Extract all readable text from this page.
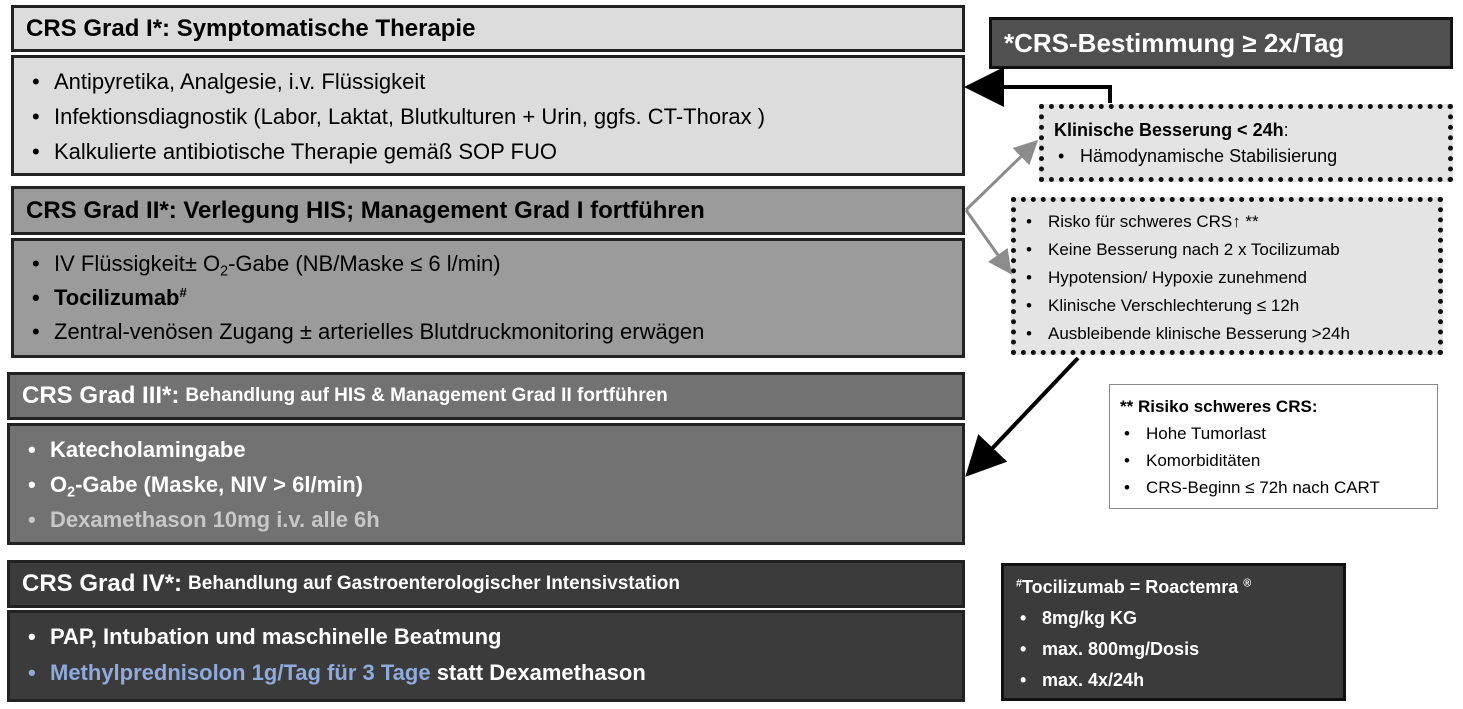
CRS Grad I*: Symptomatische Therapie
• Antipyretika, Analgesie, i.v. Flüssigkeit
• Infektionsdiagnostik (Labor, Laktat, Blutkulturen + Urin, ggfs. CT-Thorax )
• Kalkulierte antibiotische Therapie gemäß SOP FUO
CRS Grad II*: Verlegung HIS; Management Grad I fortführen
• IV Flüssigkeit± $O_2$-Gabe (NB/Maske ≤ 6 l/min)
• Tocilizumab#
• Zentral-venösen Zugang ± arterielles Blutdruckmonitoring erwägen
CRS Grad III*: Behandlung auf HIS & Management Grad II fortführen
• Katecholamingabe
• $O_2$-Gabe (Maske, NIV > 6l/min)
• Dexamethason 10mg i.v. alle 6h
CRS Grad IV*: Behandlung auf Gastroenterologischer Intensivstation
• PAP, Intubation und maschinelle Beatmung
• Methylprednisolon 1g/Tag für 3 Tage statt Dexamethason
*CRS-Bestimmung ≥ 2x/Tag
Klinische Besserung < 24h:
• Hämodynamische Stabilisierung
• Risko für schweres CRS↑ **
• Keine Besserung nach 2 x Tocilizumab
• Hypotension/ Hypoxie zunehmend
• Klinische Verschlechterung ≤ 12h
• Ausbleibende klinische Besserung >24h
** Risiko schweres CRS:
• Hohe Tumorlast
• Komorbiditäten
• CRS-Beginn ≤ 72h nach CART
#Tocilizumab = Roactemra ®
• 8mg/kg KG
• max. 800mg/Dosis
• max. 4x/24h
